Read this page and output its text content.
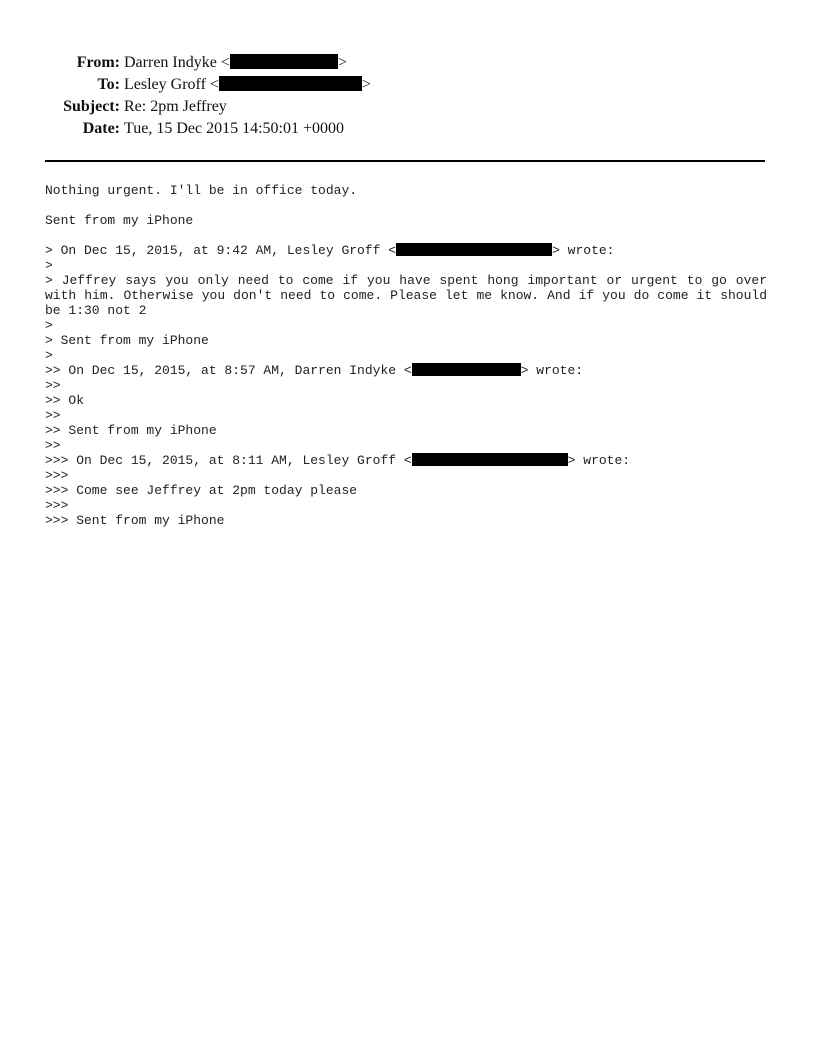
From: Darren Indyke <	>
To: Lesley Groff <	>
Subject: Re: 2pm Jeffrey
Date: Tue, 15 Dec 2015 14:50:01 +0000
Nothing urgent. I'll be in office today.
Sent from my iPhone
> On Dec 15, 2015, at 9:42 AM, Lesley Groff <	> wrote:
>
> Jeffrey says you only need to come if you have spent hong important or urgent to go over with him. Otherwise you don't need to come. Please let me know. And if you do come it should be 1:30 not 2
>
> Sent from my iPhone
>
>> On Dec 15, 2015, at 8:57 AM, Darren Indyke <	> wrote:
>>
>> Ok
>>
>> Sent from my iPhone
>>
>>> On Dec 15, 2015, at 8:11 AM, Lesley Groff <	> wrote:
>>>
>>> Come see Jeffrey at 2pm today please
>>>
>>> Sent from my iPhone
